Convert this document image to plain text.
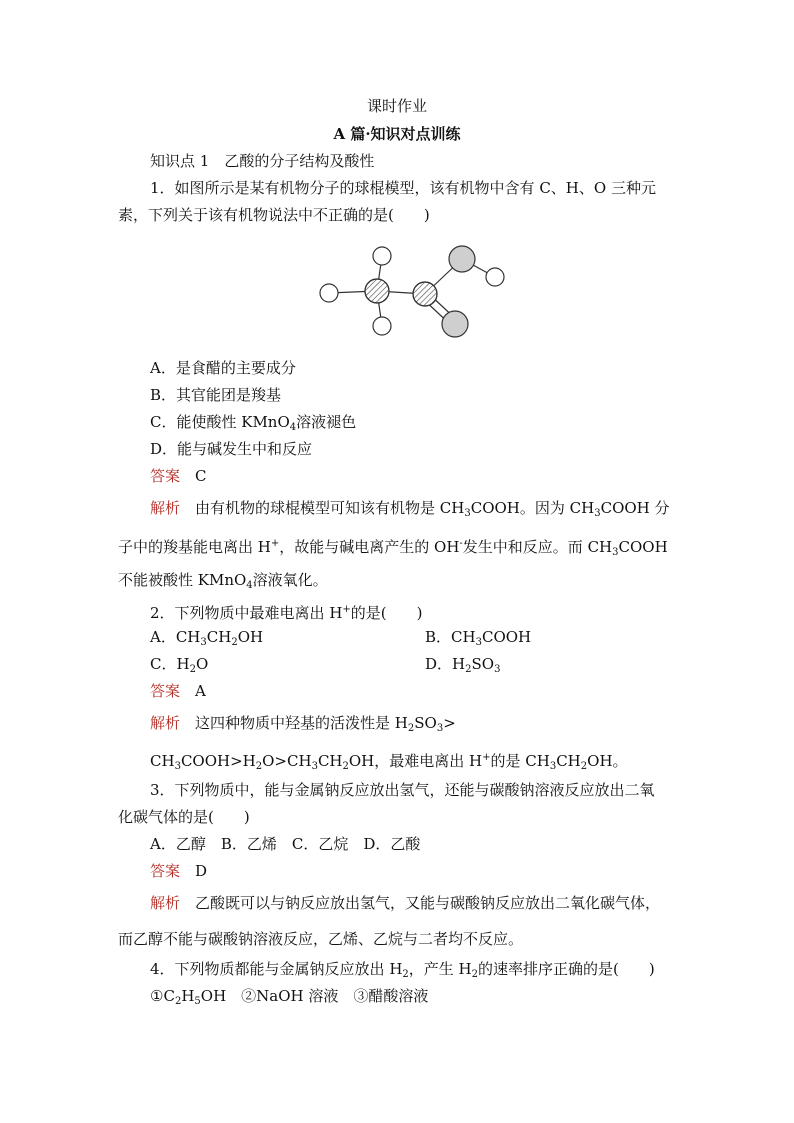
课时作业
A 篇·知识对点训练
知识点 1　 乙酸的分子结构及酸性
1．如图所示是某有机物分子的球棍模型，该有机物中含有 C、H、O 三种元
素，下列关于该有机物说法中不正确的是(　　)
A．是食醋的主要成分
B．其官能团是羧基
C．能使酸性 KMnO$_4$溶液褪色
D．能与碱发生中和反应
答案　 C
解析　 由有机物的球棍模型可知该有机物是 $CH_3COOH$。因为 $CH_3COOH$ 分
子中的羧基能电离出 H+，故能与碱电离产生的 OH-发生中和反应。而 $CH_3COOH$
不能被酸性 KMnO$_4$溶液氧化。
2．下列物质中最难电离出 H+的是(　　)
A．$CH_3CH_2OH$	B．$CH_3COOH$
C．$H_2O$	D．$H_2SO_3$
答案　 A
解析　 这四种物质中羟基的活泼性是 $H_2SO_3>$
$CH_3COOH>H_2O>CH_3CH_2OH$，最难电离出 H+的是 $CH_3CH_2OH$。
3．下列物质中，能与金属钠反应放出氢气，还能与碳酸钠溶液反应放出二氧
化碳气体的是(　　)
A．乙醇　B．乙烯　C．乙烷　D．乙酸
答案　 D
解析　 乙酸既可以与钠反应放出氢气，又能与碳酸钠反应放出二氧化碳气体，
而乙醇不能与碳酸钠溶液反应，乙烯、乙烷与二者均不反应。
4．下列物质都能与金属钠反应放出 $H_2$，产生 $H_2$的速率排序正确的是(　　)
$①C_2H_5OH$　②NaOH 溶液　③醋酸溶液
